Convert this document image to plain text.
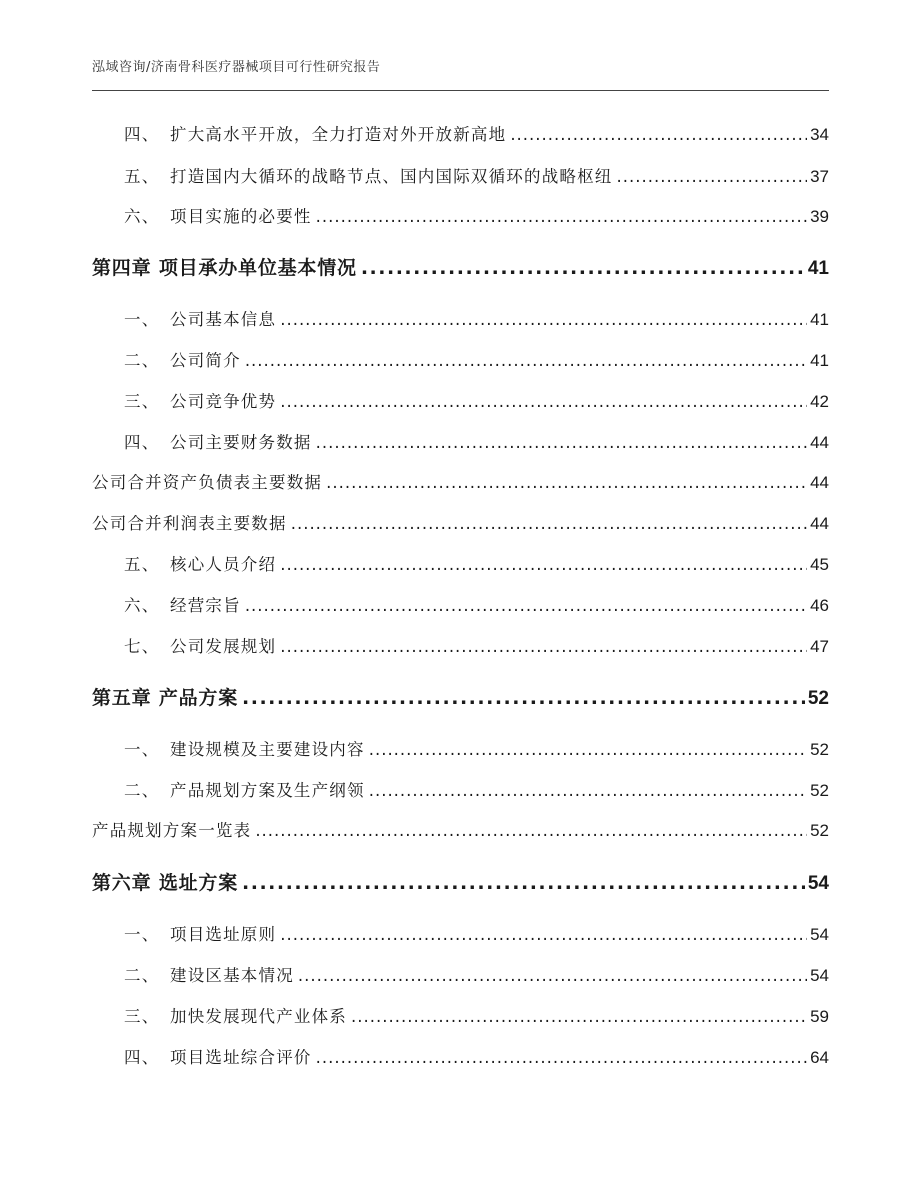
泓域咨询/济南骨科医疗器械项目可行性研究报告
四、 扩大高水平开放，全力打造对外开放新高地 .....	34
五、 打造国内大循环的战略节点、国内国际双循环的战略枢纽 .....	37
六、 项目实施的必要性 .....	39
第四章 项目承办单位基本情况 .....	41
一、 公司基本信息 .....	41
二、 公司简介 .....	41
三、 公司竞争优势 .....	42
四、 公司主要财务数据 .....	44
公司合并资产负债表主要数据 .....	44
公司合并利润表主要数据 .....	44
五、 核心人员介绍 .....	45
六、 经营宗旨 .....	46
七、 公司发展规划 .....	47
第五章 产品方案 .....	52
一、 建设规模及主要建设内容 .....	52
二、 产品规划方案及生产纲领 .....	52
产品规划方案一览表 .....	52
第六章 选址方案 .....	54
一、 项目选址原则 .....	54
二、 建设区基本情况 .....	54
三、 加快发展现代产业体系 .....	59
四、 项目选址综合评价 .....	64
